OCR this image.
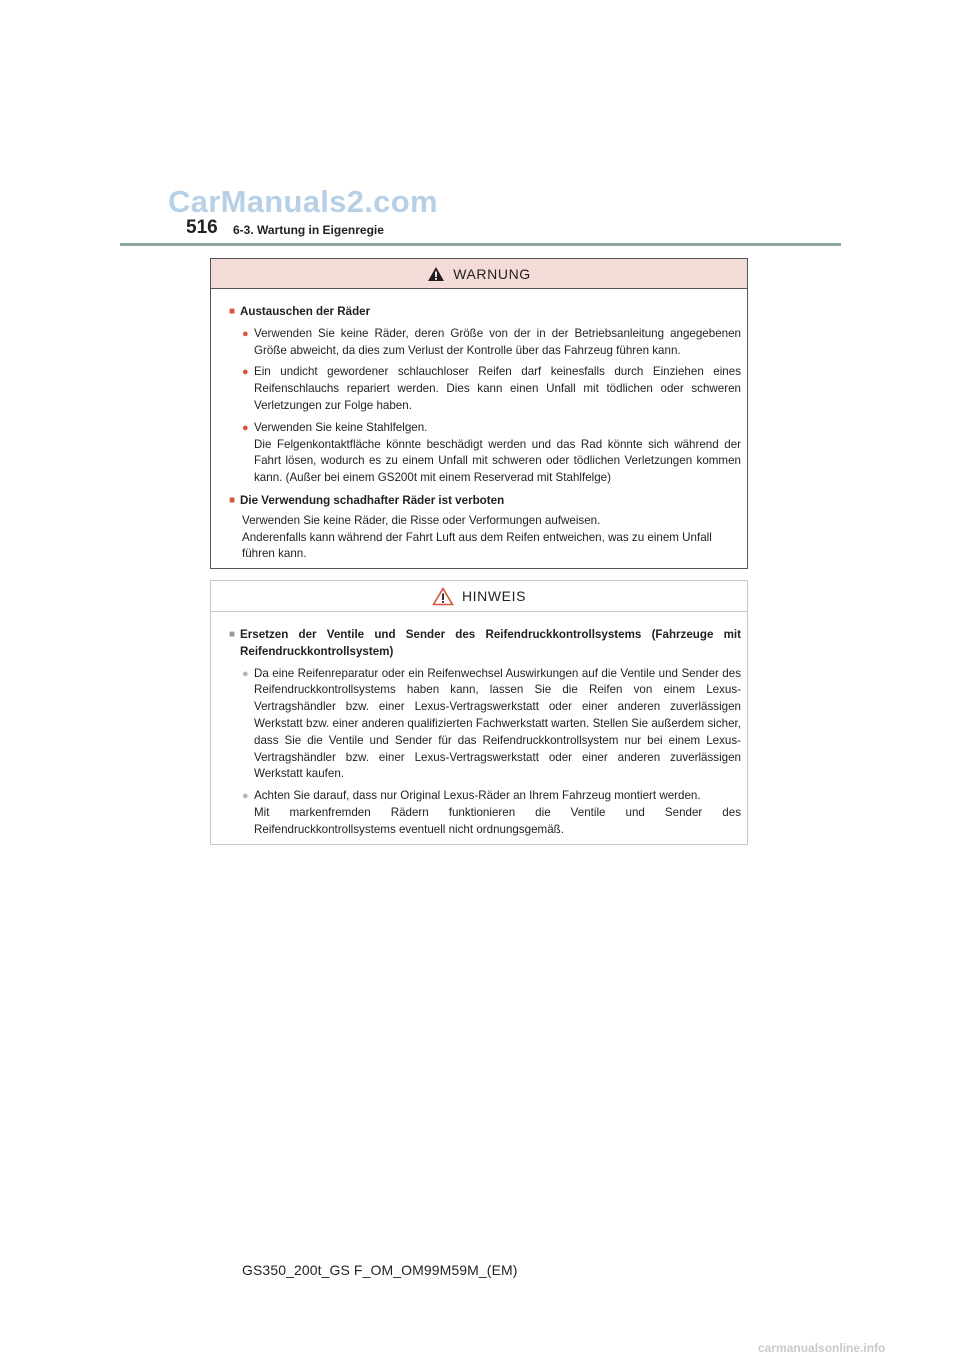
CarManuals2.com
516 6-3. Wartung in Eigenregie
WARNUNG
■ Austauschen der Räder
● Verwenden Sie keine Räder, deren Größe von der in der Betriebsanleitung angegebenen Größe abweicht, da dies zum Verlust der Kontrolle über das Fahrzeug führen kann.
● Ein undicht gewordener schlauchloser Reifen darf keinesfalls durch Einziehen eines Reifenschlauchs repariert werden. Dies kann einen Unfall mit tödlichen oder schweren Verletzungen zur Folge haben.
● Verwenden Sie keine Stahlfelgen.
Die Felgenkontaktfläche könnte beschädigt werden und das Rad könnte sich während der Fahrt lösen, wodurch es zu einem Unfall mit schweren oder tödlichen Verletzungen kommen kann. (Außer bei einem GS200t mit einem Reserverad mit Stahlfelge)
■ Die Verwendung schadhafter Räder ist verboten
Verwenden Sie keine Räder, die Risse oder Verformungen aufweisen.
Anderenfalls kann während der Fahrt Luft aus dem Reifen entweichen, was zu einem Unfall führen kann.
HINWEIS
■ Ersetzen der Ventile und Sender des Reifendruckkontrollsystems (Fahrzeuge mit Reifendruckkontrollsystem)
● Da eine Reifenreparatur oder ein Reifenwechsel Auswirkungen auf die Ventile und Sender des Reifendruckkontrollsystems haben kann, lassen Sie die Reifen von einem Lexus-Vertragshändler bzw. einer Lexus-Vertragswerkstatt oder einer anderen zuverlässigen Werkstatt bzw. einer anderen qualifizierten Fachwerkstatt warten. Stellen Sie außerdem sicher, dass Sie die Ventile und Sender für das Reifendruckkontrollsystem nur bei einem Lexus-Vertragshändler bzw. einer Lexus-Vertragswerkstatt oder einer anderen zuverlässigen Werkstatt kaufen.
● Achten Sie darauf, dass nur Original Lexus-Räder an Ihrem Fahrzeug montiert werden.
Mit markenfremden Rädern funktionieren die Ventile und Sender des Reifendruckkontrollsystems eventuell nicht ordnungsgemäß.
GS350_200t_GS F_OM_OM99M59M_(EM)
carmanualsonline.info
